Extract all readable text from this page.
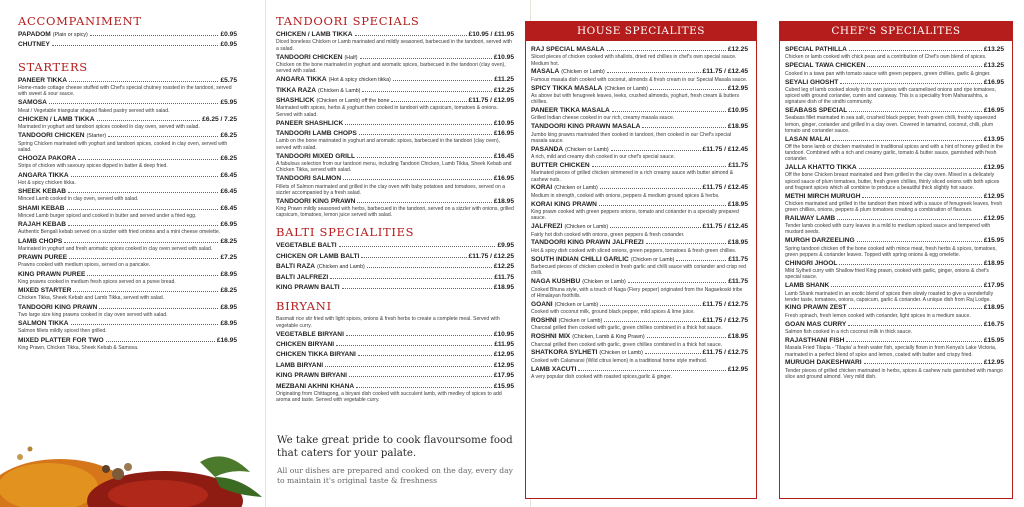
ACCOMPANIMENT
PAPADOM (Plain or spicy)	£0.95
CHUTNEY	£0.95
STARTERS
PANEER TIKKA	£5.75
Home-made cottage cheese stuffed with Chef's special chutney roasted in the tandoori, served with sweet & sour sauce.
SAMOSA	£5.95
Meat / Vegetable triangular shaped flaked pastry served with salad.
CHICKEN / LAMB TIKKA	£6.25 / 7.25
Marinated in yoghurt and tandoori spices cooked in clay oven, served with salad.
TANDOORI CHICKEN (Starter)	£6.25
Spring Chicken marinated with yoghurt and tandoori spices, cooked in clay oven, served with salad.
CHOOZA PAKORA	£6.25
Strips of chicken with savoury spices dipped in batter & deep fried.
ANGARA TIKKA	£6.45
Hot & spicy chicken tikka.
SHEEK KEBAB	£6.45
Minced Lamb cooked in clay oven, served with salad.
SHAMI KEBAB	£6.45
Minced Lamb burger spiced and cooked in butter and served under a fried egg.
RAJAH KEBAB	£6.95
Authentic Bengali kebab served on a sizzler with fried onions and a mini cheese omelette.
LAMB CHOPS	£8.25
Marinated in yoghurt and fresh aromatic spices cooked in clay oven served with salad.
PRAWN PUREE	£7.25
Prawns cooked with medium spices, served on a pancake.
KING PRAWN PUREE	£8.95
King prawns cooked in medium fresh spices served on a puree bread.
MIXED STARTER	£8.25
Chicken Tikka, Sheek Kebab and Lamb Tikka, served with salad.
TANDOORI KING PRAWN	£8.95
Two large size king prawns cooked in clay oven served with salad.
SALMON TIKKA	£8.95
Salmon fillets mildly spiced then grilled.
MIXED PLATTER FOR TWO	£16.95
King Prawn, Chicken Tikka, Sheek Kebab & Samosa.
TANDOORI SPECIALS
CHICKEN / LAMB TIKKA	£10.95 / £11.95
Diced boneless Chicken or Lamb marinated and mildly seasoned, barbecued in the tandoori, served with a salad.
TANDOORI CHICKEN (Half)	£10.95
Chicken on the bone marinated in yoghurt and aromatic spices, barbecued in the tandoori (clay oven), served with salad.
ANGARA TIKKA (Hot & spicy chicken tikka)	£11.25
TIKKA RAZA (Chicken & Lamb)	£12.25
SHASHLICK (Chicken or Lamb) off the bone	£11.75 / £12.95
Marinated with spices, herbs & yoghurt then cooked in tandoori with capsicum, tomatoes & onions. Served with salad.
PANEER SHASHLICK	£10.95
TANDOORI LAMB CHOPS	£16.95
Lamb on the bone marinated in yoghurt and aromatic spices, barbecued in the tandoori (clay oven), served with salad.
TANDOORI MIXED GRILL	£16.45
A fabulous selection from our tandoori menu, including Tandoori Chicken, Lamb Tikka, Sheek Kebab and Chicken Tikka, served with salad.
TANDOORI SALMON	£16.95
Fillets of Salmon marinated and grilled in the clay oven with baby potatoes and tomatoes, served on a sizzler accompanied by a fresh salad.
TANDOORI KING PRAWN	£18.95
King Prawn mildly seasoned with herbs, barbecued in the tandoori, served on a sizzler with onions, grilled capsicum, tomatoes, lemon juice served with salad.
BALTI SPECIALITIES
VEGETABLE BALTI	£9.95
CHICKEN OR LAMB BALTI	£11.75 / £12.25
BALTI RAZA (Chicken and Lamb)	£12.25
BALTI JALFREZI	£11.75
KING PRAWN BALTI	£18.95
BIRYANI
Basmati rice stir fried with light spices, onions & fresh herbs to create a complete meal. Served with vegetable curry.
VEGETABLE BIRYANI	£10.95
CHICKEN BIRYANI	£11.95
CHICKEN TIKKA BIRYANI	£12.95
LAMB BIRYANI	£12.95
KING PRAWN BIRYANI	£17.95
MEZBANI AKHNI KHANA	£15.95
Originating from Chittagong, a biryani dish cooked with succulent lamb, with medley of spices to add aroma and taste. Served with vegetable curry.
We take great pride to cook flavoursome food that caters for your palate.
All our dishes are prepared and cooked on the day, every day to maintain it's original taste & freshness
HOUSE SPECIALITES
RAJ SPECIAL MASALA	£12.25
Sliced pieces of chicken cooked with shallots, dried red chillies in chef's own special sauce. Medium hot.
MASALA (Chicken or Lamb)	£11.75 / £12.45
Famous masala dish cooked with coconut, almonds & fresh cream in our Special Masala sauce.
SPICY TIKKA MASALA (Chicken or Lamb)	£12.95
As above but with fenugreek leaves, leeks, crushed almonds, yoghurt, fresh cream & butters chillies.
PANEER TIKKA MASALA	£10.95
Grilled Indian cheese cooked in our rich, creamy masala sauce.
TANDOORI KING PRAWN MASALA	£18.95
Jumbo king prawns marinated then cooked in tandoori, then cooked in our Chef's special masala sauce.
PASANDA (Chicken or Lamb)	£11.75 / £12.45
A rich, mild and creamy dish cooked in our chef's special sauce.
BUTTER CHICKEN	£11.75
Marinated pieces of grilled chicken simmered in a rich creamy sauce with butter almond & cashew nuts.
KORAI (Chicken or Lamb)	£11.75 / £12.45
Medium in strength, cooked with onions, peppers & medium ground spices & herbs.
KORAI KING PRAWN	£18.95
King prawn cooked with green peppers onions, tomato and coriander in a specially prepared sauce.
JALFREZI (Chicken or Lamb)	£11.75 / £12.45
Fairly hot dish cooked with onions, green peppers & fresh coriander.
TANDOORI KING PRAWN JALFREZI	£18.95
Hot & spicy dish cooked with sliced onions, green peppers, tomatoes & fresh green chillies.
SOUTH INDIAN CHILLI GARLIC (Chicken or Lamb)	£11.75
Barbecued pieces of chicken cooked in fresh garlic and chilli sauce with coriander and crisp red chilli.
NAGA KUSHBU (Chicken or Lamb)	£11.75
Cooked Bhuna style, with a touch of Naga (Fiery pepper) originated from the Nagaekoski tribe of Himalayan foothills.
GOANI (Chicken or Lamb)	£11.75 / £12.75
Cooked with coconut milk, ground black pepper, mild spices & lime juice.
ROSHNI (Chicken or Lamb)	£11.75 / £12.75
Charcoal grilled then cooked with garlic, green chillies combined in a thick hot sauce.
ROSHNI MIX (Chicken, Lamb & King Prawn)	£18.95
Charcoal grilled then cooked with garlic, green chillies combined in a thick hot sauce.
SHATKORA SYLHETI (Chicken or Lamb)	£11.75 / £12.75
Cooked with Calamansi (Wild citrus lemon) in a traditional home style method.
LAMB XACUTI	£12.95
A very popular dish cooked with roasted spices,garlic & ginger.
CHEF'S SPECIALITES
SPECIAL PATHILLA	£13.25
Chicken or lamb cooked with chick peas and a contribution of Chef's own blend of spices.
SPECIAL TAWA CHICKEN	£13.25
Cooked in a tawa pan with tomato sauce with green peppers, green chillies, garlic & ginger.
SEYALI GHOSHT	£16.95
Cubed leg of lamb cooked slowly in its own juices with caramelised onions and ripe tomatoes, spiced with ground coriander, cumin and caraway. This is a speciality from Maharashtra, a signature dish of the sindhi community.
SEABASS SPECIAL	£16.95
Seabass fillet marinated in sea salt, crushed black pepper, fresh green chilli, freshly squeezed lemon, ginger, coriander and grilled in a clay oven. Covered in tamarind, coconut, chilli, plum tomato and coriander sauce.
LASAN MALAI	£13.95
Off the bone lamb or chicken marinated in traditional spices and with a hint of honey grilled in the tandoori. Combined with a rich and creamy garlic, tomato & butter sauce, garnished with fresh coriander.
JALLA KHATTO TIKKA	£12.95
Off the bone Chicken breast marinated and then grilled in the clay oven. Mixed in a delicately spiced sauce of plum tomatoes, butter, fresh green chillies, thinly sliced onions with both spices and fragrant spices which all combine to produce a beautiful thick slightly hot sauce.
METHI MIRCH MURUGH	£12.95
Chicken marinated and grilled in the tandoori then mixed with a sauce of fenugreek leaves, fresh green chillies, onions, peppers & plum tomatoes creating a combination of flavours.
RAILWAY LAMB	£12.95
Tender lamb cooked with curry leaves in a mild to medium spiced sauce and tempered with mustard seeds.
MURGH DARZEELING	£15.95
Spring tandoori chicken off the bone cooked with mince meat, fresh herbs & spices, tomatoes, green peppers & coriander leaves. Topped with spring onions & egg omelette.
CHINGRI JHOOL	£18.95
Mild Sylheti curry with Shallow fried King prawn, cooked with garlic, ginger, onions & chef's special sauce.
LAMB SHANK	£17.95
Lamb Shank marinated in an exotic blend of spices then slowly roasted to give a wonderfully tender taste, tomatoes, onions, capsicum, garlic & coriander. A unique dish from Raj Lodge.
KING PRAWN ZEST	£18.95
Fresh spinach, fresh lemon cooked with coriander, light spices in a medium sauce.
GOAN MAS CURRY	£16.75
Salmon fish cooked in a rich coconut milk in thick sauce.
RAJASTHANI FISH	£15.95
Masala Fried Tilapia - 'Tilapia' a fresh water fish, specially flown in from Kenya's Lake Victoria, marinated in a perfect blend of spice and lemon, coated with batter and crispy fried.
MURUGH DAKESHWARI	£12.95
Tender pieces of grilled chicken marinated in herbs, spices & cashew nuts garnished with mango slice and ground almond. Very mild dish.
